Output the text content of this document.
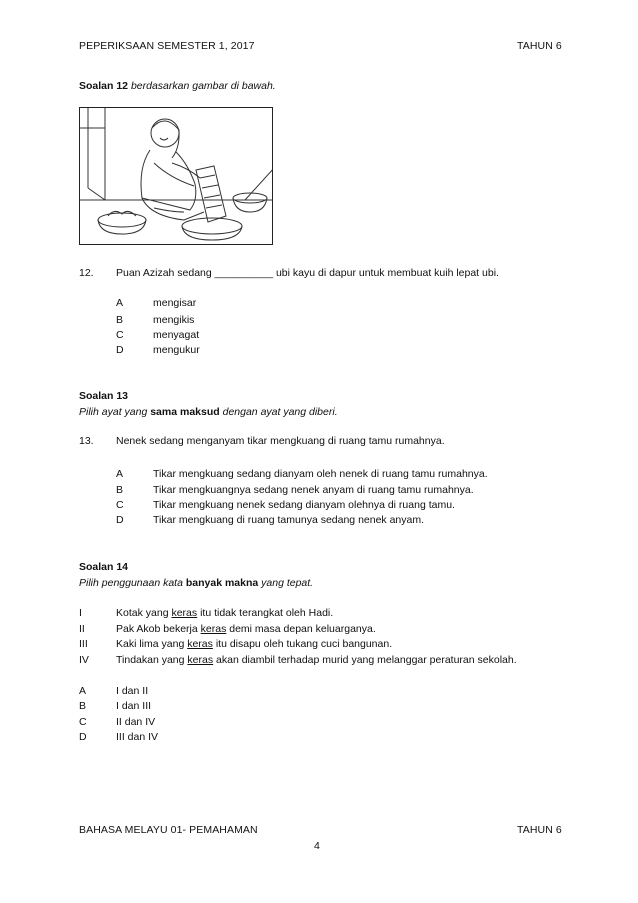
PEPERIKSAAN SEMESTER 1, 2017	TAHUN 6
Soalan 12 berdasarkan gambar di bawah.
12. Puan Azizah sedang __________ ubi kayu di dapur untuk membuat kuih lepat ubi.
A	mengisar
B	mengikis
C	menyagat
D	mengukur
Soalan 13
Pilih ayat yang sama maksud dengan ayat yang diberi.
13. Nenek sedang menganyam tikar mengkuang di ruang tamu rumahnya.
A	Tikar mengkuang sedang dianyam oleh nenek di ruang tamu rumahnya.
B	Tikar mengkuangnya sedang nenek anyam di ruang tamu rumahnya.
C	Tikar mengkuang nenek sedang dianyam olehnya di ruang tamu.
D	Tikar mengkuang di ruang tamunya sedang nenek anyam.
Soalan 14
Pilih penggunaan kata banyak makna yang tepat.
I	Kotak yang keras itu tidak terangkat oleh Hadi.
II	Pak Akob bekerja keras demi masa depan keluarganya.
III	Kaki lima yang keras itu disapu oleh tukang cuci bangunan.
IV	Tindakan yang keras akan diambil terhadap murid yang melanggar peraturan sekolah.
A	I dan II
B	I dan III
C	II dan IV
D	III dan IV
BAHASA MELAYU 01- PEMAHAMAN	TAHUN 6
4
